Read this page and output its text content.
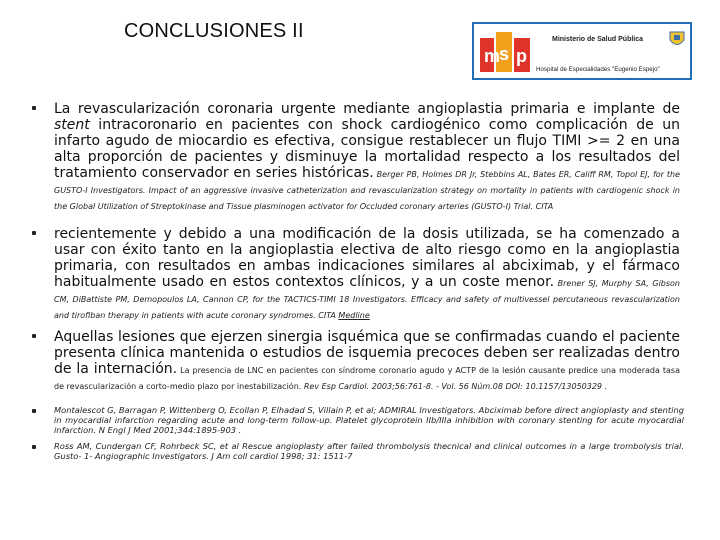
CONCLUSIONES II
m
s p
Ministerio de Salud Pública
Hospital de Especialidades "Eugenio Espejo"
La revascularización coronaria urgente mediante angioplastia primaria e implante de stent intracoronario en pacientes con shock cardiogénico como complicación de un infarto agudo de miocardio es efectiva, consigue restablecer un flujo TIMI >= 2 en una alta proporción de pacientes y disminuye la mortalidad respecto a los resultados del tratamiento conservador en series históricas. Berger PB, Holmes DR Jr, Stebbins AL, Bates ER, Califf RM, Topol EJ, for the GUSTO-I Investigators. Impact of an aggressive invasive catheterization and revascularization strategy on mortality in patients with cardiogenic shock in the Global Utilization of Streptokinase and Tissue plasminogen activator for Occluded coronary arteries (GUSTO-I) Trial. CITA
recientemente y debido a una modificación de la dosis utilizada, se ha comenzado a usar con éxito tanto en la angioplastia electiva de alto riesgo como en la angioplastia primaria, con resultados en ambas indicaciones similares al abciximab, y el fármaco habitualmente usado en estos contextos clínicos, y a un coste menor. Brener SJ, Murphy SA, Gibson CM, DiBattiste PM, Demopoulos LA, Cannon CP, for the TACTICS-TIMI 18 Investigators. Efficacy and safety of multivessel percutaneous revascularization and tirofiban therapy in patients with acute coronary syndromes. CITA Medline
Aquellas lesiones que ejerzen sinergia isquémica que se confirmadas cuando el paciente presenta clínica mantenida o estudios de isquemia precoces deben ser realizadas dentro de la internación. La presencia de LNC en pacientes con síndrome coronario agudo y ACTP de la lesión causante predice una moderada tasa de revascularización a corto-medio plazo por inestabilización. Rev Esp Cardiol. 2003;56:761-8. - Vol. 56 Núm.08 DOI: 10.1157/13050329 .
Montalescot G, Barragan P, Wittenberg O, Ecollan P, Elhadad S, Villain P, et al; ADMIRAL Investigators. Abciximab before direct angioplasty and stenting in myocardial infarction regarding acute and long-term follow-up. Platelet glycoprotein IIb/IIIa inhibition with coronary stenting for acute myocardial infarction. N Engl J Med 2001;344:1895-903 .
Ross AM, Cundergan CF, Rohrbeck SC, et al Rescue angioplasty after failed thrombolysis thecnical and clinical outcomes in a large trombolysis trial. Gusto- 1- Angiographic Investigators. J Am coll cardiol 1998; 31: 1511-7
